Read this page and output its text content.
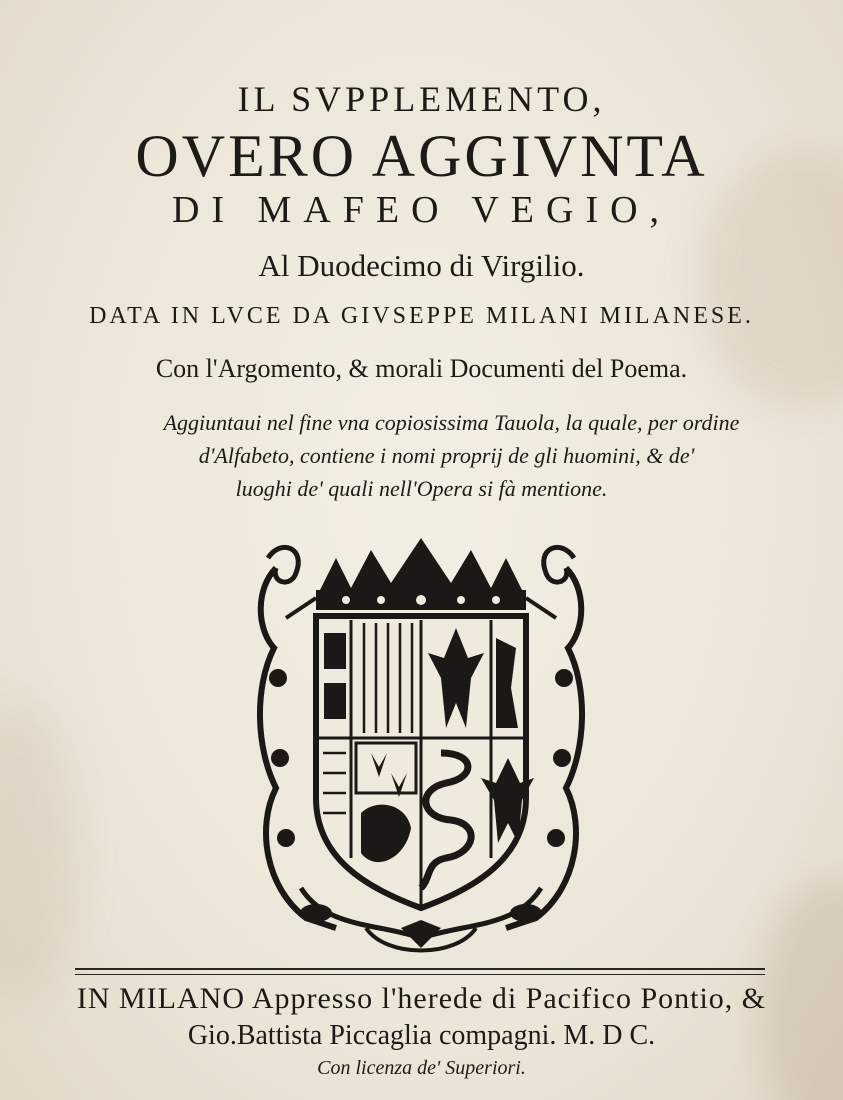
IL SVPPLEMENTO,
OVERO AGGIVNTA
DI MAFEO VEGIO,
Al Duodecimo di Virgilio.
DATA IN LVCE DA GIVSEPPE MILANI MILANESE.
Con l'Argomento, & morali Documenti del Poema.
Aggiuntaui nel fine vna copiosissima Tauola, la quale, per ordine
d'Alfabeto, contiene i nomi proprij de gli huomini, & de'
luoghi de' quali nell'Opera si fà mentione.
IN MILANO Appresso l'herede di Pacifico Pontio, &
Gio.Battista Piccaglia compagni. M. D C.
Con licenza de' Superiori.
